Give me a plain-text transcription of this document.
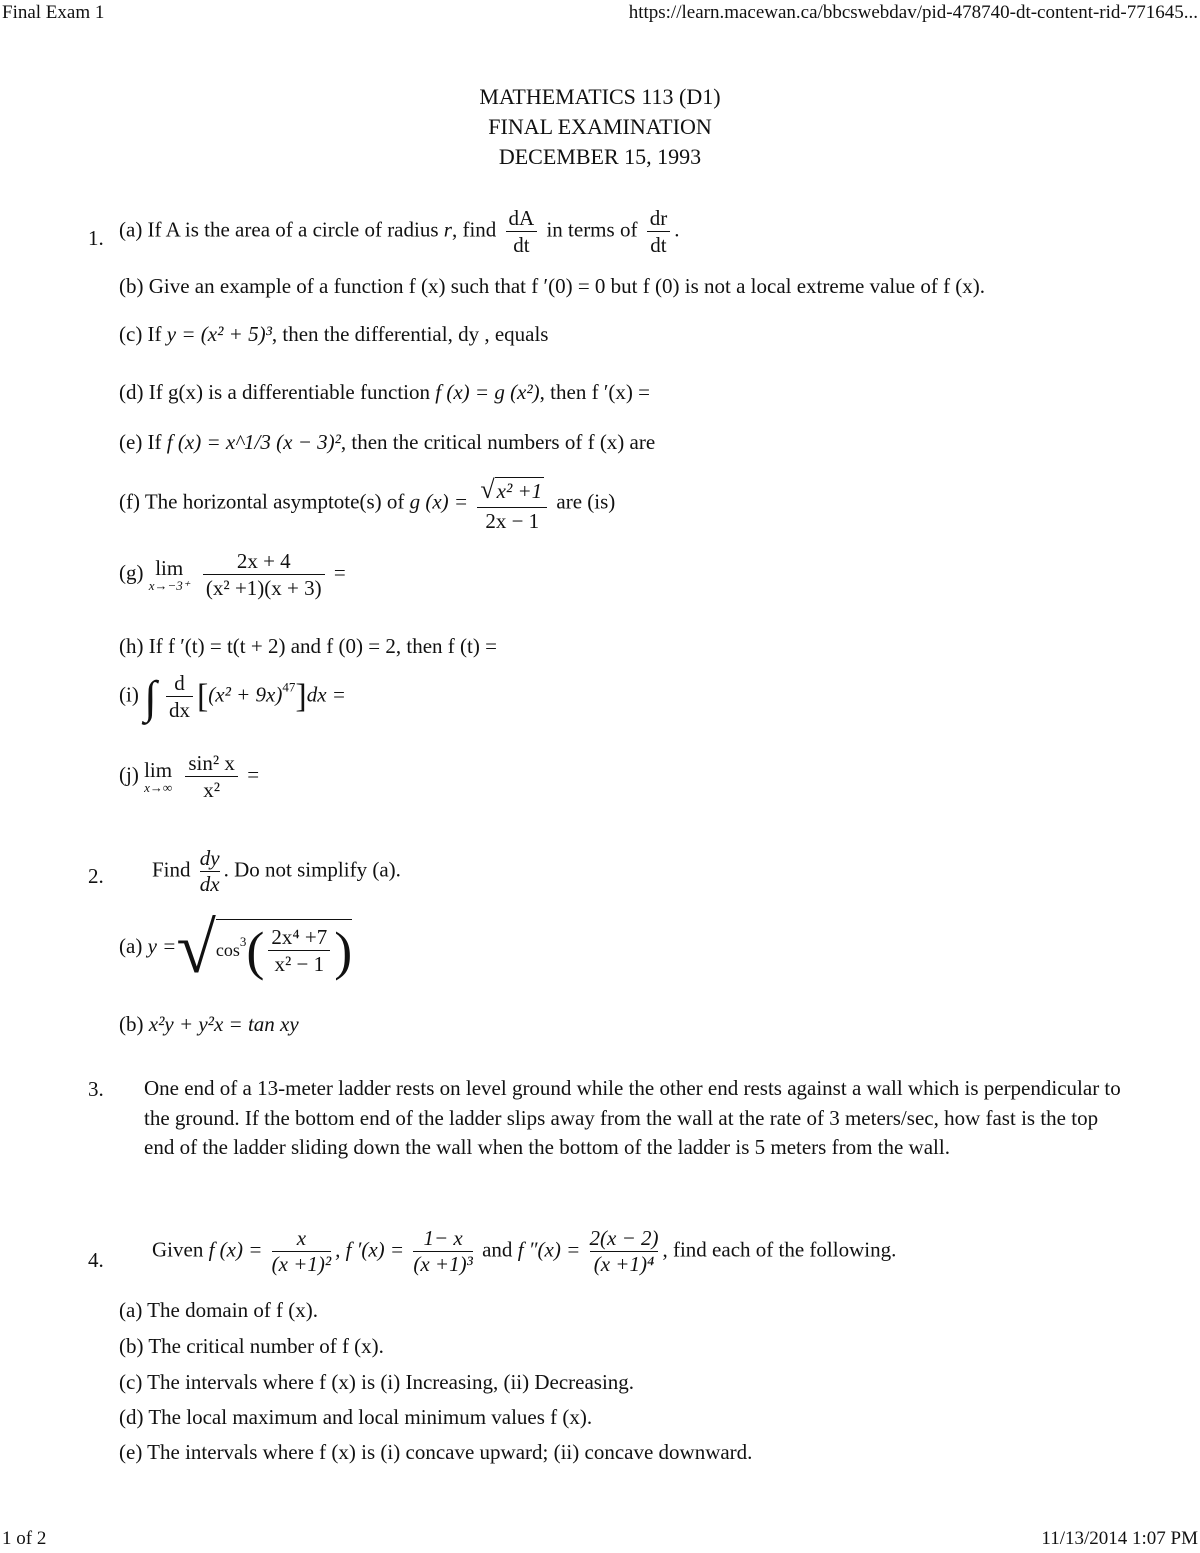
Final Exam 1	https://learn.macewan.ca/bbcswebdav/pid-478740-dt-content-rid-771645...
1 of 2	11/13/2014 1:07 PM
MATHEMATICS 113 (D1)
FINAL EXAMINATION
DECEMBER 15, 1993
1. (a) If A is the area of a circle of radius r, find $\frac{dA}{dt}$ in terms of $\frac{dr}{dt}$ .
(b) Give an example of a function f (x) such that f ′(0) = 0 but f (0) is not a local extreme value of f (x).
(c) If y = (x² + 5)³, then the differential, dy , equals
(d) If g(x) is a differentiable function f (x) = g (x²), then f ′(x) =
(e) If f (x) = x^1/3 (x − 3)², then the critical numbers of f (x) are
(f) The horizontal asymptote(s) of g $(x) = \frac{\text{√x² +1}}{2x - 1}$ are (is)
(g) lim
x→−3⁺
$\frac{2x + 4}{\text{(x² +1)(x + 3)}}$ =
(h) If f ′(t) = t(t + 2) and f (0) = 2, then f (t) =
(i) ∫ $\frac{d}{dx} [(x^2 + 9x)^{47}]dx$ =
(j) lim
x→∞
$\frac{\text{sin² x}}{\text{x²}}$ =
2. Find $\frac{dy}{dx}$ . Do not simplify (a).
(a) $y =√\cos^3( \frac{\text{2x⁴ +7}}{\text{x² − 1}}$ )
(b) x²y + y²x = tan xy
3. One end of a 13-meter ladder rests on level ground while the other end rests against a wall which is perpendicular to the ground. If the bottom end of the ladder slips away from the wall at the rate of 3 meters/sec, how fast is the top end of the ladder sliding down the wall when the bottom of the ladder is 5 meters from the wall.
4. Given f $(x) = \frac{x}{\text{(x +1)²}}$ , f $'(x) = \frac{1- x}{\text{(x +1)³}}$ and f $''(x) = \frac{2(x - 2)}{\text{(x +1)⁴}}$ , find each of the following.
(a) The domain of f (x).
(b) The critical number of f (x).
(c) The intervals where f (x) is (i) Increasing, (ii) Decreasing.
(d) The local maximum and local minimum values f (x).
(e) The intervals where f (x) is (i) concave upward; (ii) concave downward.
